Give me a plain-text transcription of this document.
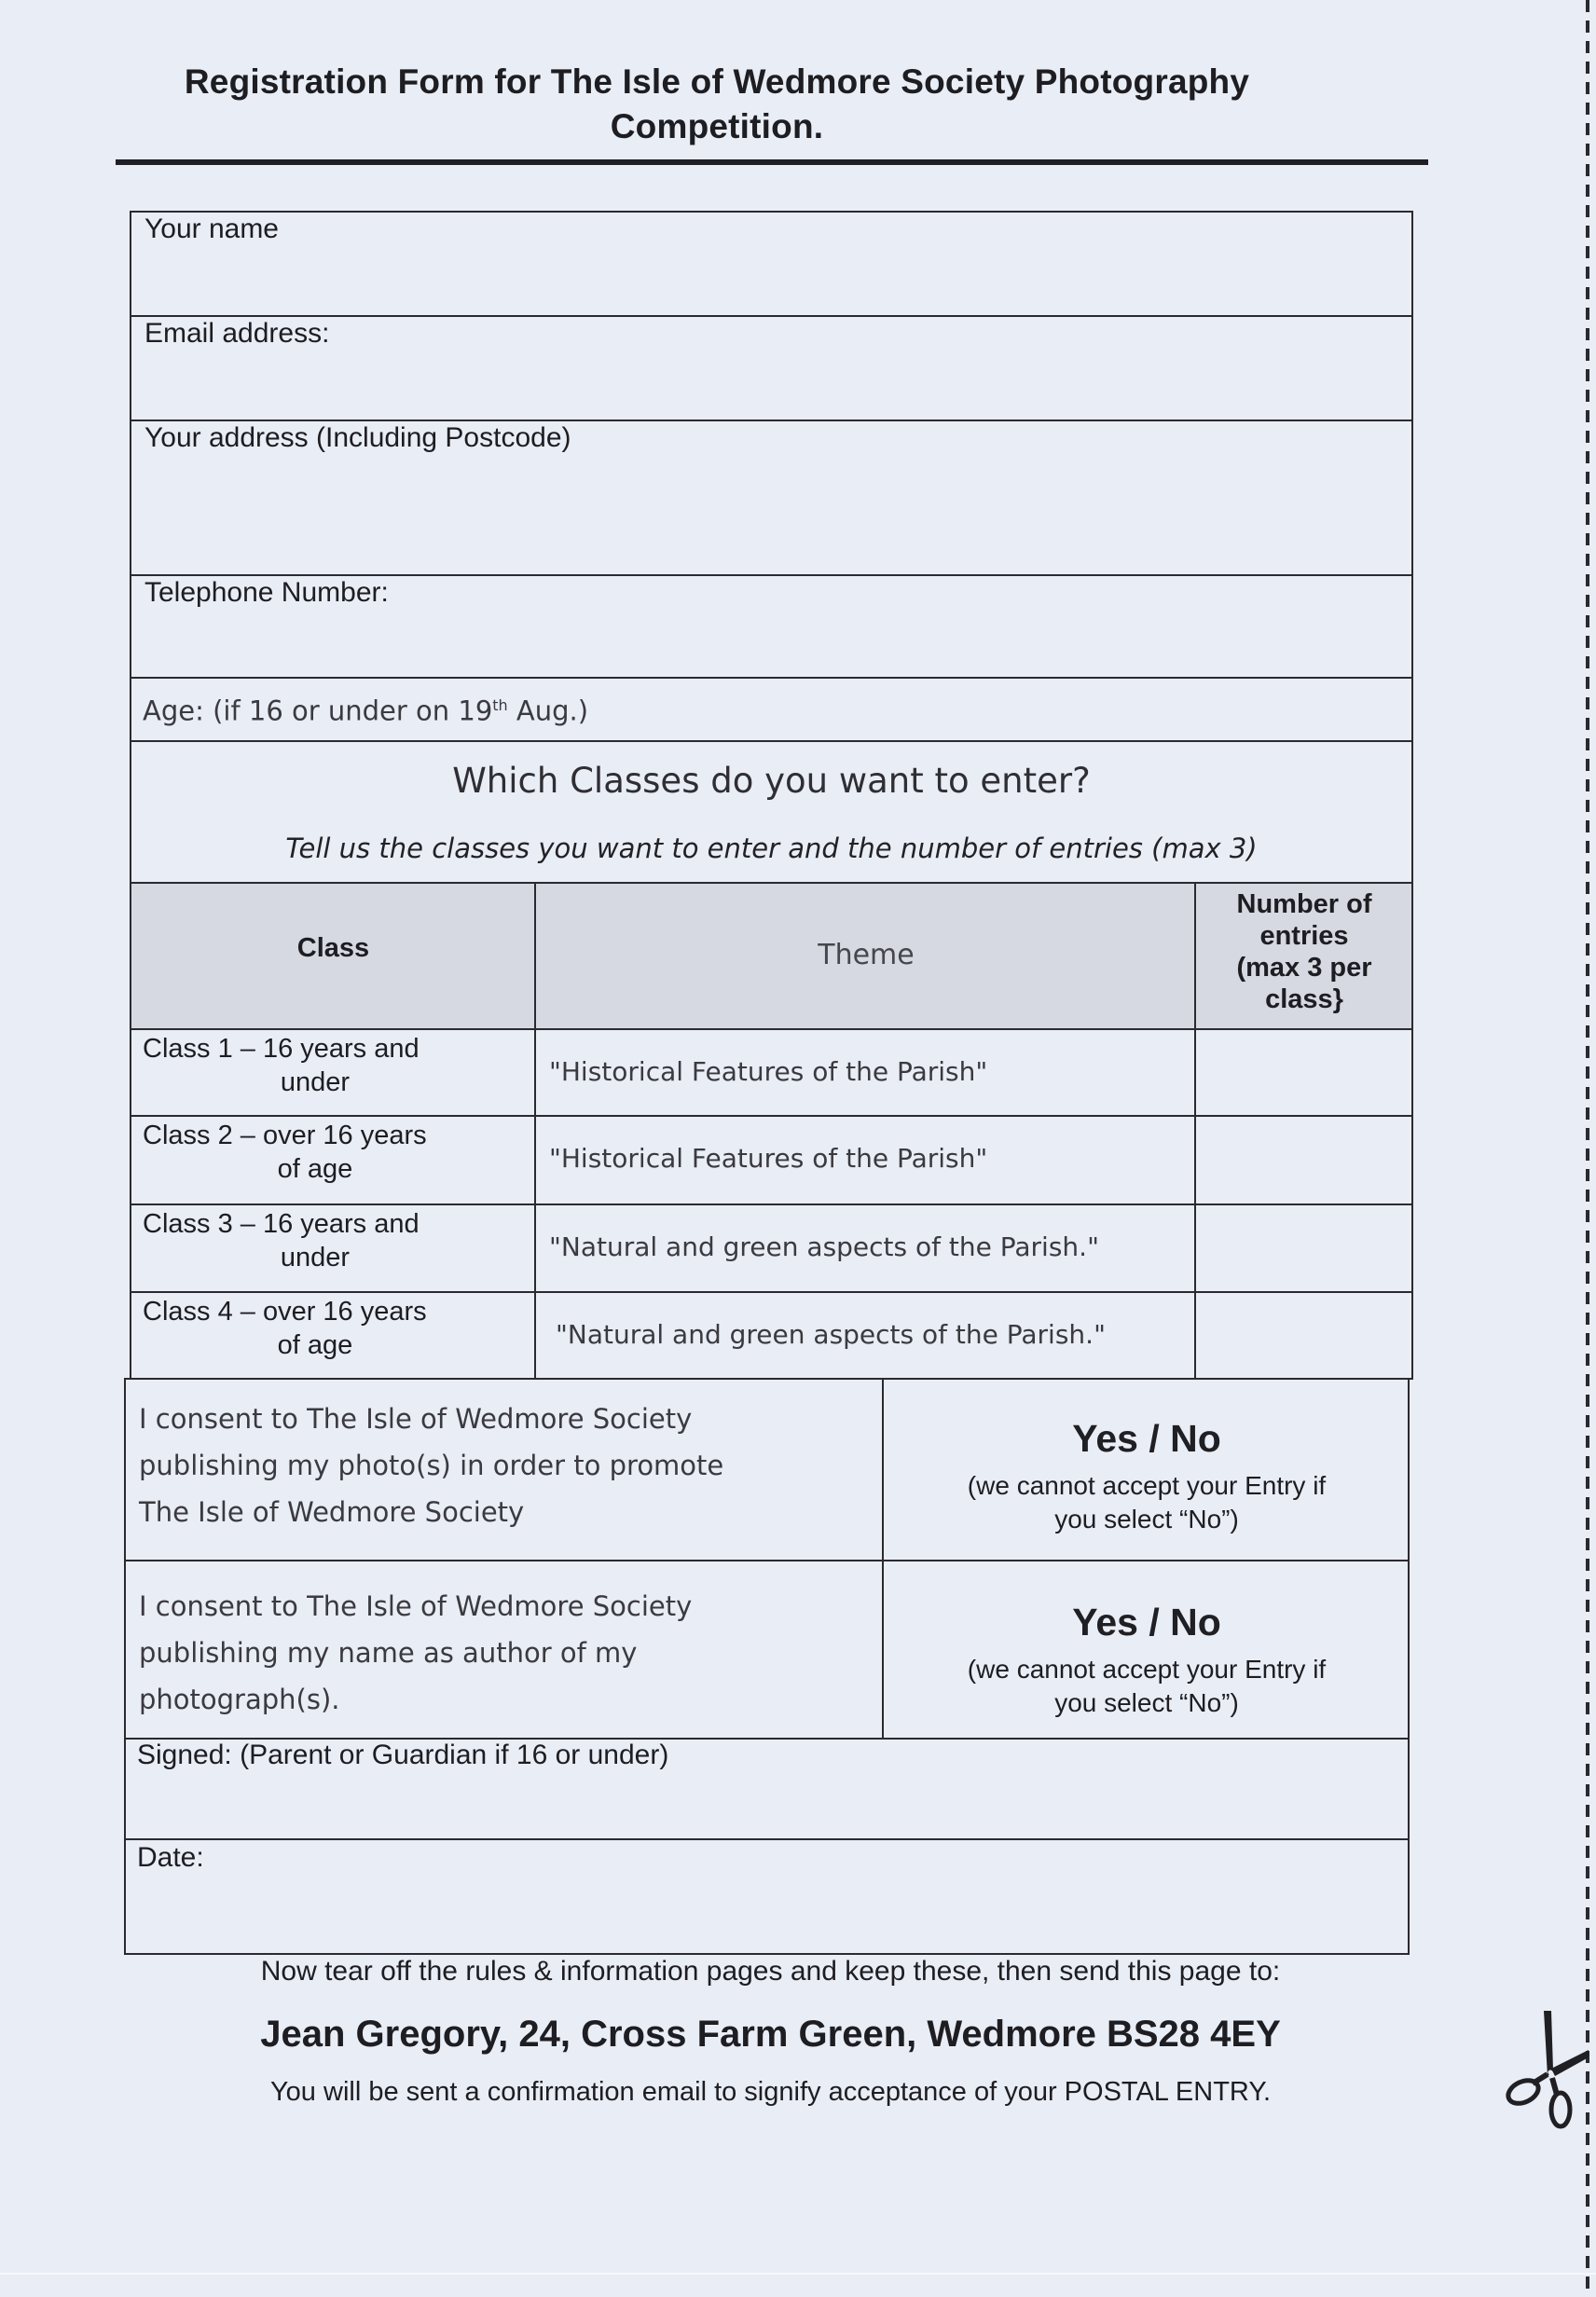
Registration Form for The Isle of Wedmore Society Photography
Competition.
Your name
Email address:
Your address (Including Postcode)
Telephone Number:
Age: (if 16 or under on 19th Aug.)
Which Classes do you want to enter?
Tell us the classes you want to enter and the number of entries (max 3)
Class	Theme
Number of
entries
(max 3 per
class}
Class 1 – 16 years and
under	"Historical Features of the Parish"
Class 2 – over 16 years
of age	"Historical Features of the Parish"
Class 3 – 16 years and
under	"Natural and green aspects of the Parish."
Class 4 – over 16 years
of age	"Natural and green aspects of the Parish."
I consent to The Isle of Wedmore Society
publishing my photo(s) in order to promote
The Isle of Wedmore Society
Yes / No
(we cannot accept your Entry if
you select “No”)
I consent to The Isle of Wedmore Society
publishing my name as author of my
photograph(s).
Yes / No
(we cannot accept your Entry if
you select “No”)
Signed: (Parent or Guardian if 16 or under)
Date:
Now tear off the rules & information pages and keep these, then send this page to:
Jean Gregory, 24, Cross Farm Green, Wedmore BS28 4EY
You will be sent a confirmation email to signify acceptance of your POSTAL ENTRY.
